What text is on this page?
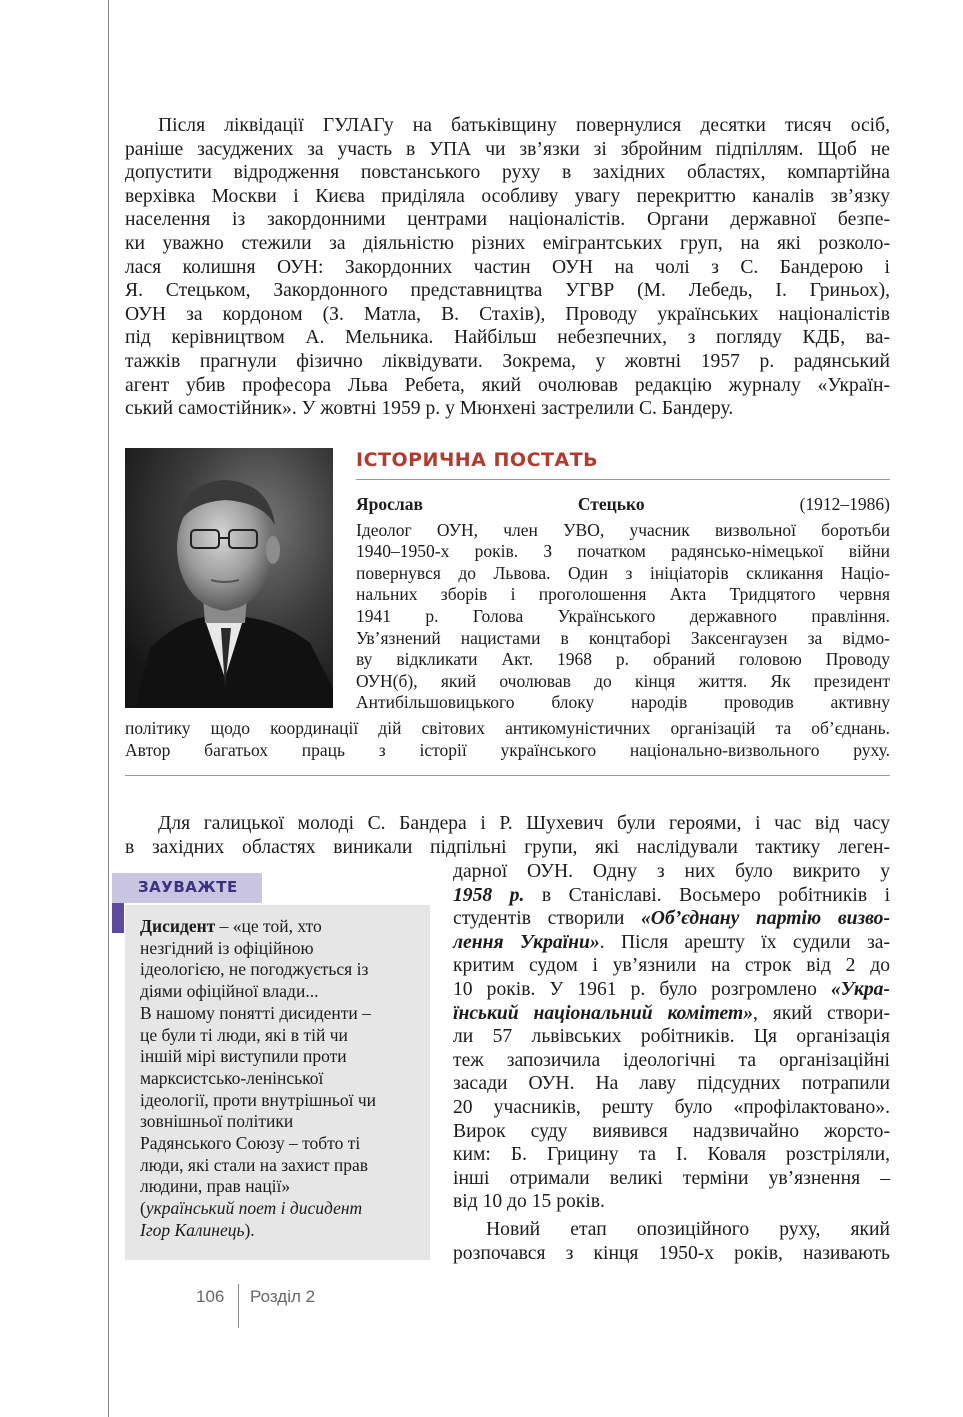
Після ліквідації ГУЛАГу на батьківщину повернулися десятки тисяч осіб,
раніше засуджених за участь в УПА чи зв’язки зі збройним підпіллям. Щоб не
допустити відродження повстанського руху в західних областях, компартійна
верхівка Москви і Києва приділяла особливу увагу перекриттю каналів зв’язку
населення із закордонними центрами націоналістів. Органи державної безпе-
ки уважно стежили за діяльністю різних емігрантських груп, на які розколо-
лася колишня ОУН: Закордонних частин ОУН на чолі з С. Бандерою і
Я. Стецьком, Закордонного представництва УГВР (М. Лебедь, І. Гриньох),
ОУН за кордоном (З. Матла, В. Стахів), Проводу українських націоналістів
під керівництвом А. Мельника. Найбільш небезпечних, з погляду КДБ, ва-
тажків прагнули фізично ліквідувати. Зокрема, у жовтні 1957 р. радянський
агент убив професора Льва Ребета, який очолював редакцію журналу «Україн-
ський самостійник». У жовтні 1959 р. у Мюнхені застрелили С. Бандеру.
ІСТОРИЧНА ПОСТАТЬ
Ярослав Стецько	(1912–1986)
Ідеолог ОУН, член УВО, учасник визвольної боротьби
1940–1950-х років. З початком радянсько-німецької війни
повернувся до Львова. Один з ініціаторів скликання Націо-
нальних зборів і проголошення Акта Тридцятого червня
1941 р. Голова Українського державного правління.
Ув’язнений нацистами в концтаборі Заксенгаузен за відмо-
ву відкликати Акт. 1968 р. обраний головою Проводу
ОУН(б), який очолював до кінця життя. Як президент
Антибільшовицького блоку народів проводив активну
політику щодо координації дій світових антикомуністичних організацій та об’єднань.
Автор багатьох праць з історії українського національно-визвольного руху.
Для галицької молоді С. Бандера і Р. Шухевич були героями, і час від часу
в західних областях виникали підпільні групи, які наслідували тактику леген-
дарної ОУН. Одну з них було викрито у
1958 р. в Станіславі. Восьмеро робітників і
студентів створили «Об’єднану партію визво-
лення України». Після арешту їх судили за-
критим судом і ув’язнили на строк від 2 до
10 років. У 1961 р. було розгромлено «Укра-
їнський національний комітет», який створи-
ли 57 львівських робітників. Ця організація
теж запозичила ідеологічні та організаційні
засади ОУН. На лаву підсудних потрапили
20 учасників, решту було «профілактовано».
Вирок суду виявився надзвичайно жорсто-
ким: Б. Грицину та І. Коваля розстріляли,
інші отримали великі терміни ув’язнення –
від 10 до 15 років.
Новий етап опозиційного руху, який
розпочався з кінця 1950-х років, називають
ЗАУВАЖТЕ
Дисидент – «це той, хто
незгідний із офіційною
ідеологією, не погоджується із
діями офіційної влади...
В нашому понятті дисиденти –
це були ті люди, які в тій чи
іншій мірі виступили проти
марксистсько-ленінської
ідеології, проти внутрішньої чи
зовнішньої політики
Радянського Союзу – тобто ті
люди, які стали на захист прав
людини, прав нації»
(український поет і дисидент
Ігор Калинець).
106 Розділ 2
